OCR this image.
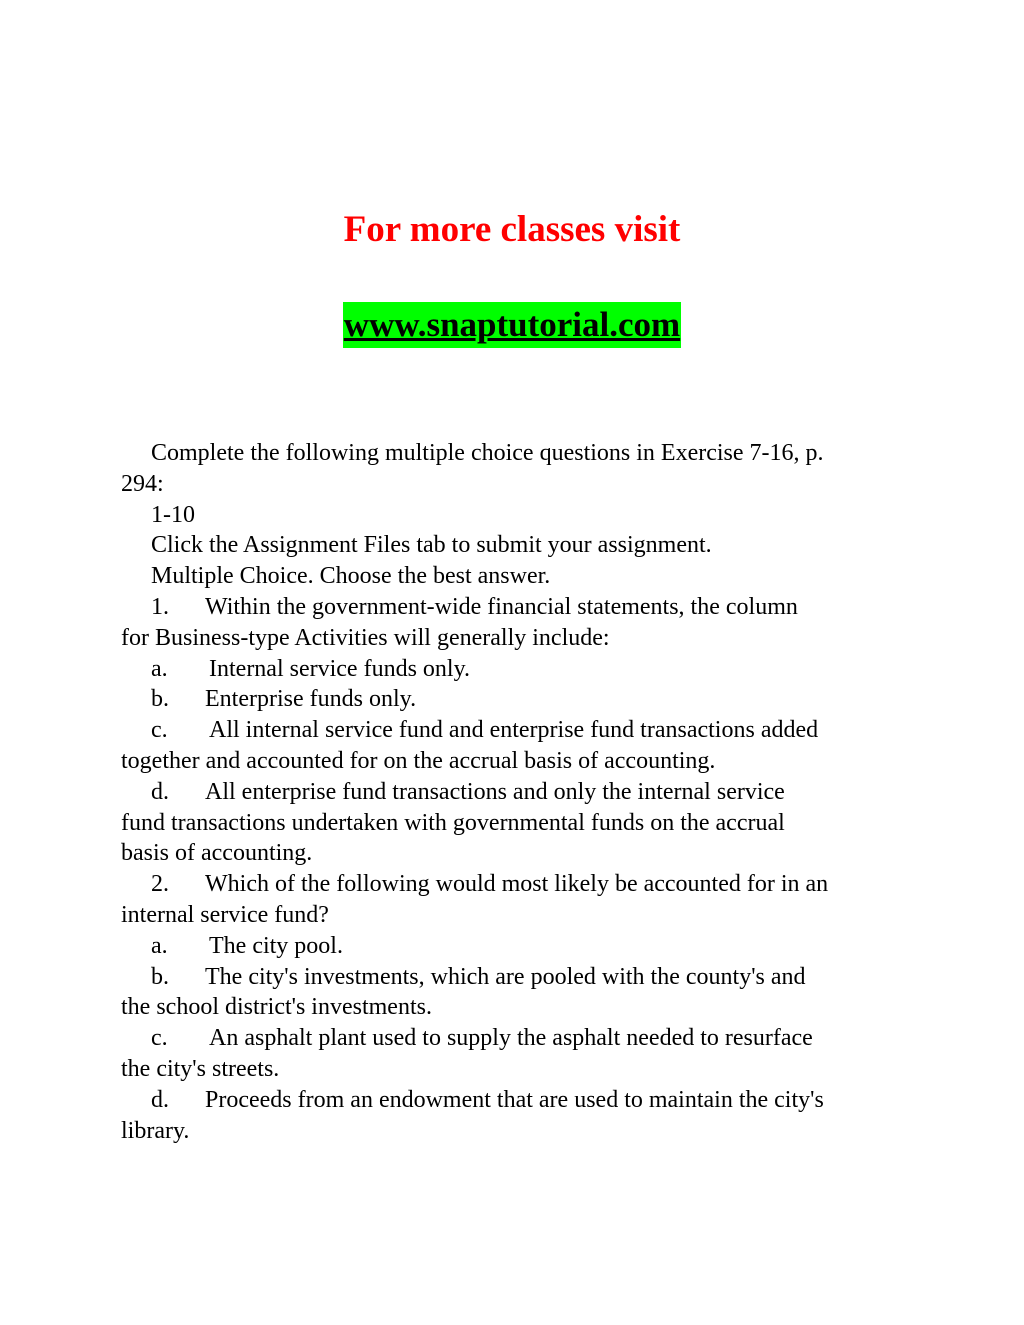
For more classes visit
www.snaptutorial.com
Complete the following multiple choice questions in Exercise 7-16, p.
294:
1-10
Click the Assignment Files tab to submit your assignment.
Multiple Choice. Choose the best answer.
1. Within the government-wide financial statements, the column
for Business-type Activities will generally include:
a. Internal service funds only.
b. Enterprise funds only.
c. All internal service fund and enterprise fund transactions added
together and accounted for on the accrual basis of accounting.
d. All enterprise fund transactions and only the internal service
fund transactions undertaken with governmental funds on the accrual
basis of accounting.
2. Which of the following would most likely be accounted for in an
internal service fund?
a. The city pool.
b. The city's investments, which are pooled with the county's and
the school district's investments.
c. An asphalt plant used to supply the asphalt needed to resurface
the city's streets.
d. Proceeds from an endowment that are used to maintain the city's
library.
